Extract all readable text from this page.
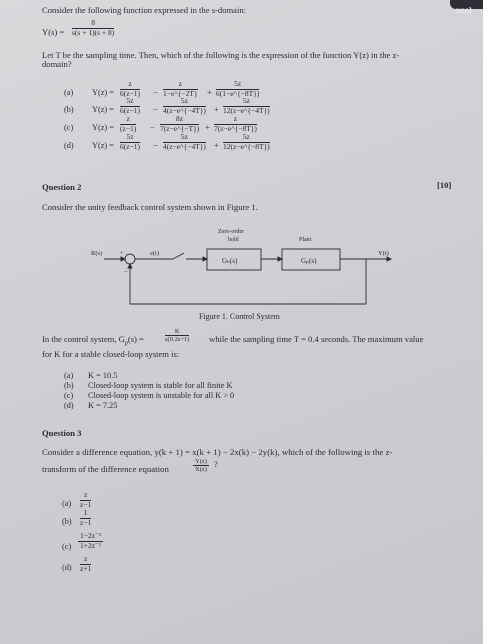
one)
Consider the following function expressed in the s-domain:
$Y(s) = \frac{8}{s(s + 1)(s + 8)}$
Let T be the sampling time. Then, which of the following is the expression of the function Y(z) in the z-
domain?
(a) $Y(z) = \frac{z}{6(z-1)} - \frac{z}{1-e\^{}\{-2T\}} + \frac{5z}{6(1-e\^{}\{-8T\})}$
(b) $Y(z) = \frac{5z}{6(z-1)} - \frac{5z}{4(z-e\^{}\{-4T\})} + \frac{5z}{12(z-e\^{}\{-4T\})}$
(c) $Y(z) = \frac{z}{(z-1)} - \frac{8z}{7(z-e\^{}\{-T\})} + \frac{z}{7(z-e\^{}\{-8T\})}$
(d) $Y(z) = \frac{5z}{6(z-1)} - \frac{5z}{4(z-e\^{}\{-4T\})} + \frac{5z}{12(z-e\^{}\{-8T\})}$
Question 2	[10]
Consider the unity feedback control system shown in Figure 1.
Zero-order
hold	Plant
R(s)	+
−
e(t)
Gₕ(s)	Gₚ(s)
Y(t)
Figure 1. Control System
In the control system, $G_p(s)$ =	$\frac{K}{s(0.2s+1)}$ while the sampling time T = 0.4 seconds. The maximum value
for K for a stable closed-loop system is:
(a) K = 10.5
(b) Closed-loop system is stable for all finite K
(c) Closed-loop system is unstable for all K > 0
(d) K = 7.25
Question 3
Consider a difference equation, y(k + 1) = x(k + 1) − 2x(k) − 2y(k), which of the following is the z-
transform of the difference equation	$\frac{Y(z)}{X(z)}$ ?
$(a) \frac{z}{z-1}$
$(b) \frac{1}{z-1}$
$(c) \frac{\text{1−2z⁻¹}}{\text{1+2z⁻¹}}$
$(d) \frac{z}{z+1}$
